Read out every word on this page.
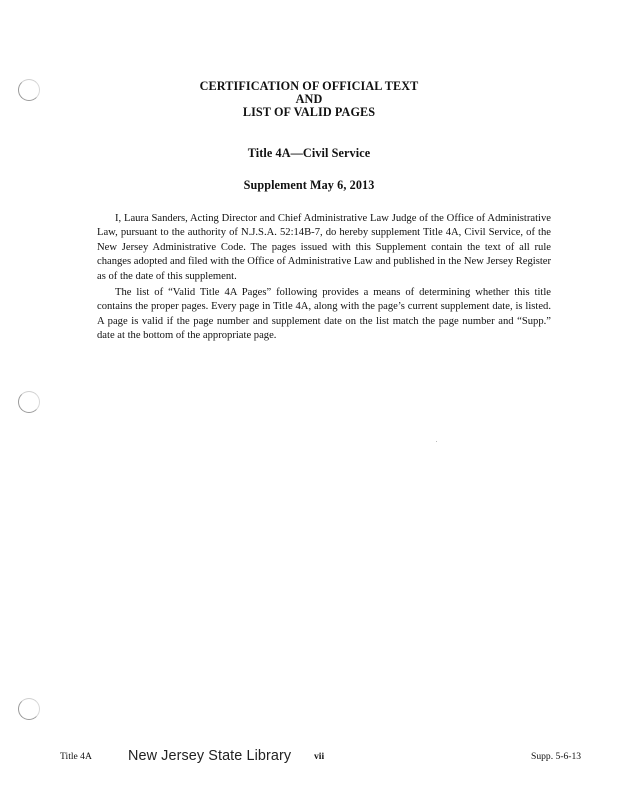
CERTIFICATION OF OFFICIAL TEXT
AND
LIST OF VALID PAGES
Title 4A—Civil Service
Supplement May 6, 2013

I, Laura Sanders, Acting Director and Chief Administrative Law Judge of the Office of Administrative Law, pursuant to the authority of N.J.S.A. 52:14B-7, do hereby supplement Title 4A, Civil Service, of the New Jersey Administrative Code. The pages issued with this Supplement contain the text of all rule changes adopted and filed with the Office of Administrative Law and published in the New Jersey Register as of the date of this supplement.

The list of “Valid Title 4A Pages” following provides a means of determining whether this title contains the proper pages. Every page in Title 4A, along with the page’s current supplement date, is listed. A page is valid if the page number and supplement date on the list match the page number and “Supp.” date at the bottom of the appropriate page.

Title 4A	New Jersey State Library vii	Supp. 5-6-13
